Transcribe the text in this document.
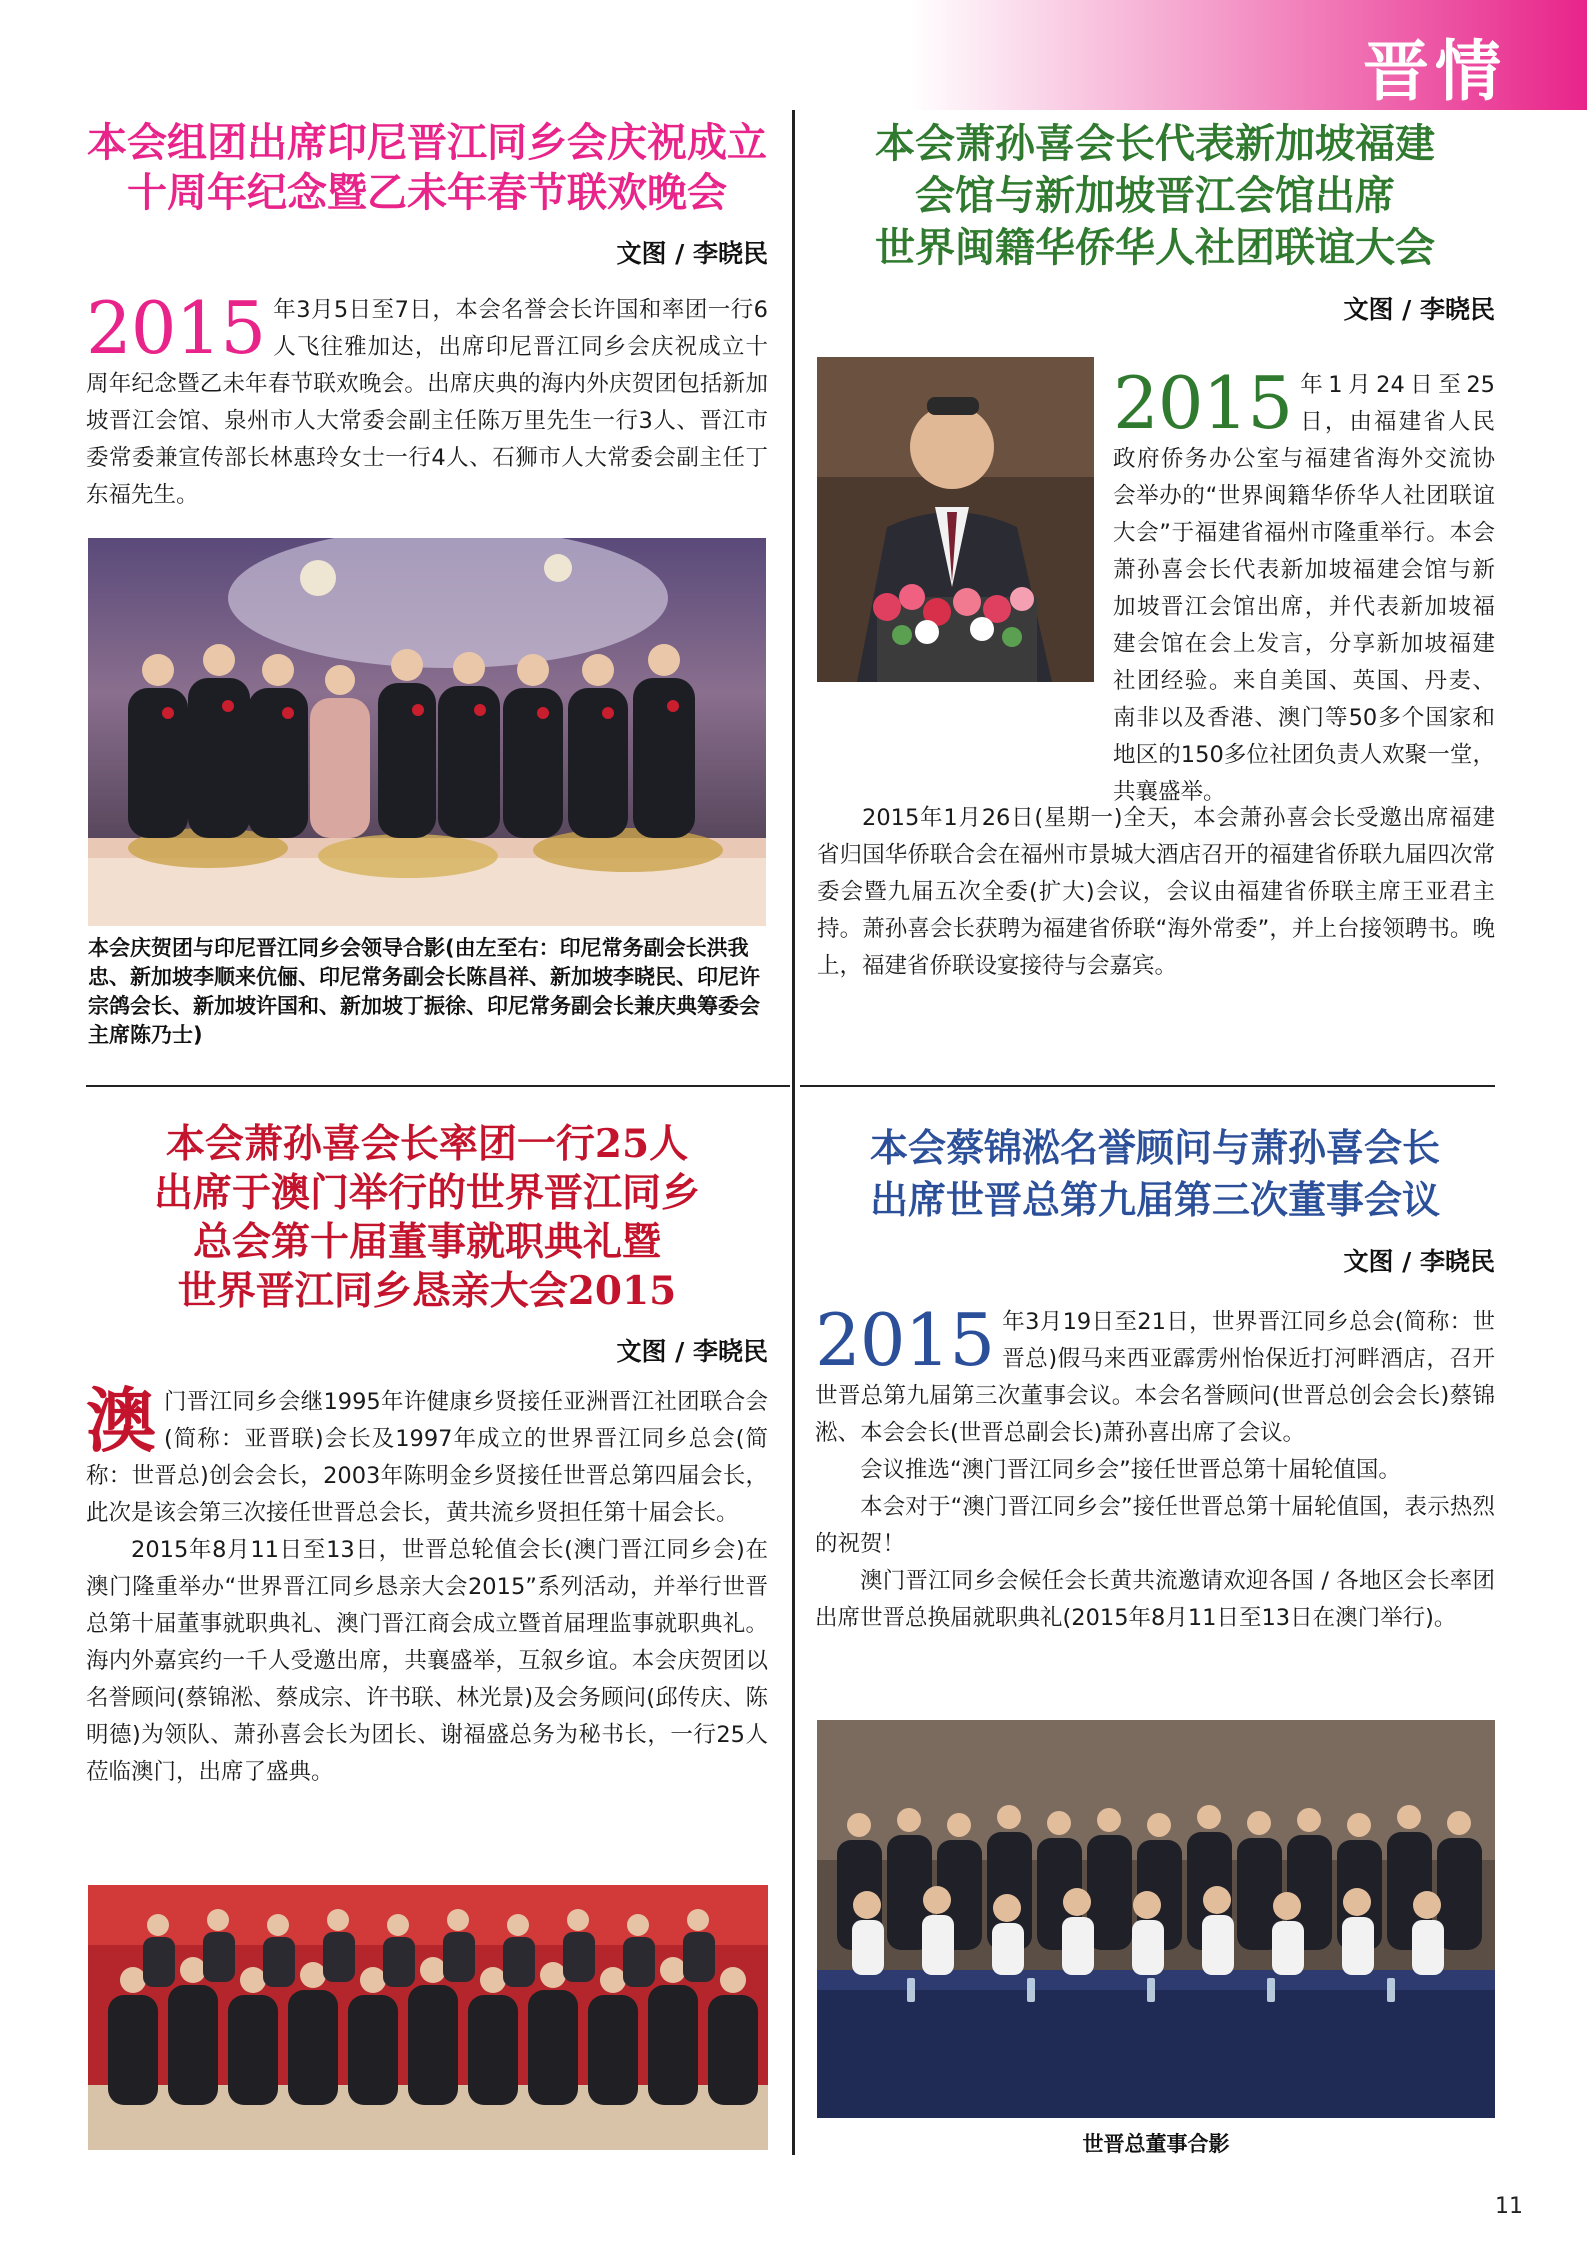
晋情
本会组团出席印尼晋江同乡会庆祝成立
十周年纪念暨乙未年春节联欢晚会
文图 / 李晓民

2015 年3月5日至7日，本会名誉会长许国和率团一行6人飞往雅加达，出席印尼晋江同乡会庆祝成立十周年纪念暨乙未年春节联欢晚会。出席庆典的海内外庆贺团包括新加坡晋江会馆、泉州市人大常委会副主任陈万里先生一行3人、晋江市委常委兼宣传部长林惠玲女士一行4人、石狮市人大常委会副主任丁东福先生。

本会庆贺团与印尼晋江同乡会领导合影(由左至右：印尼常务副会长洪我忠、新加坡李顺来伉俪、印尼常务副会长陈昌祥、新加坡李晓民、印尼许宗鸽会长、新加坡许国和、新加坡丁振徐、印尼常务副会长兼庆典筹委会主席陈乃士)
本会萧孙喜会长代表新加坡福建
会馆与新加坡晋江会馆出席
世界闽籍华侨华人社团联谊大会
文图 / 李晓民

2015 年1月24日至25日，由福建省人民政府侨务办公室与福建省海外交流协会举办的“世界闽籍华侨华人社团联谊大会”于福建省福州市隆重举行。本会萧孙喜会长代表新加坡福建会馆与新加坡晋江会馆出席，并代表新加坡福建会馆在会上发言，分享新加坡福建社团经验。来自美国、英国、丹麦、南非以及香港、澳门等50多个国家和地区的150多位社团负责人欢聚一堂，共襄盛举。

2015年1月26日(星期一)全天，本会萧孙喜会长受邀出席福建省归国华侨联合会在福州市景城大酒店召开的福建省侨联九届四次常委会暨九届五次全委(扩大)会议，会议由福建省侨联主席王亚君主持。萧孙喜会长获聘为福建省侨联“海外常委”，并上台接领聘书。晚上，福建省侨联设宴接待与会嘉宾。

本会萧孙喜会长率团一行25人
出席于澳门举行的世界晋江同乡
总会第十届董事就职典礼暨
世界晋江同乡恳亲大会2015
文图 / 李晓民

澳门晋江同乡会继1995年许健康乡贤接任亚洲晋江社团联合会(简称：亚晋联)会长及1997年成立的世界晋江同乡总会(简称：世晋总)创会会长，2003年陈明金乡贤接任世晋总第四届会长，此次是该会第三次接任世晋总会长，黄共流乡贤担任第十届会长。

2015年8月11日至13日，世晋总轮值会长(澳门晋江同乡会)在澳门隆重举办“世界晋江同乡恳亲大会2015”系列活动，并举行世晋总第十届董事就职典礼、澳门晋江商会成立暨首届理监事就职典礼。海内外嘉宾约一千人受邀出席，共襄盛举，互叙乡谊。本会庆贺团以名誉顾问(蔡锦淞、蔡成宗、许书联、林光景)及会务顾问(邱传庆、陈明德)为领队、萧孙喜会长为团长、谢福盛总务为秘书长，一行25人莅临澳门，出席了盛典。

本会蔡锦淞名誉顾问与萧孙喜会长
出席世晋总第九届第三次董事会议
文图 / 李晓民

2015 年3月19日至21日，世界晋江同乡总会(简称：世晋总)假马来西亚霹雳州怡保近打河畔酒店，召开世晋总第九届第三次董事会议。本会名誉顾问(世晋总创会会长)蔡锦淞、本会会长(世晋总副会长)萧孙喜出席了会议。

会议推选“澳门晋江同乡会”接任世晋总第十届轮值国。

本会对于“澳门晋江同乡会”接任世晋总第十届轮值国，表示热烈的祝贺！

澳门晋江同乡会候任会长黄共流邀请欢迎各国 / 各地区会长率团出席世晋总换届就职典礼(2015年8月11日至13日在澳门举行)。

世晋总董事合影
11
